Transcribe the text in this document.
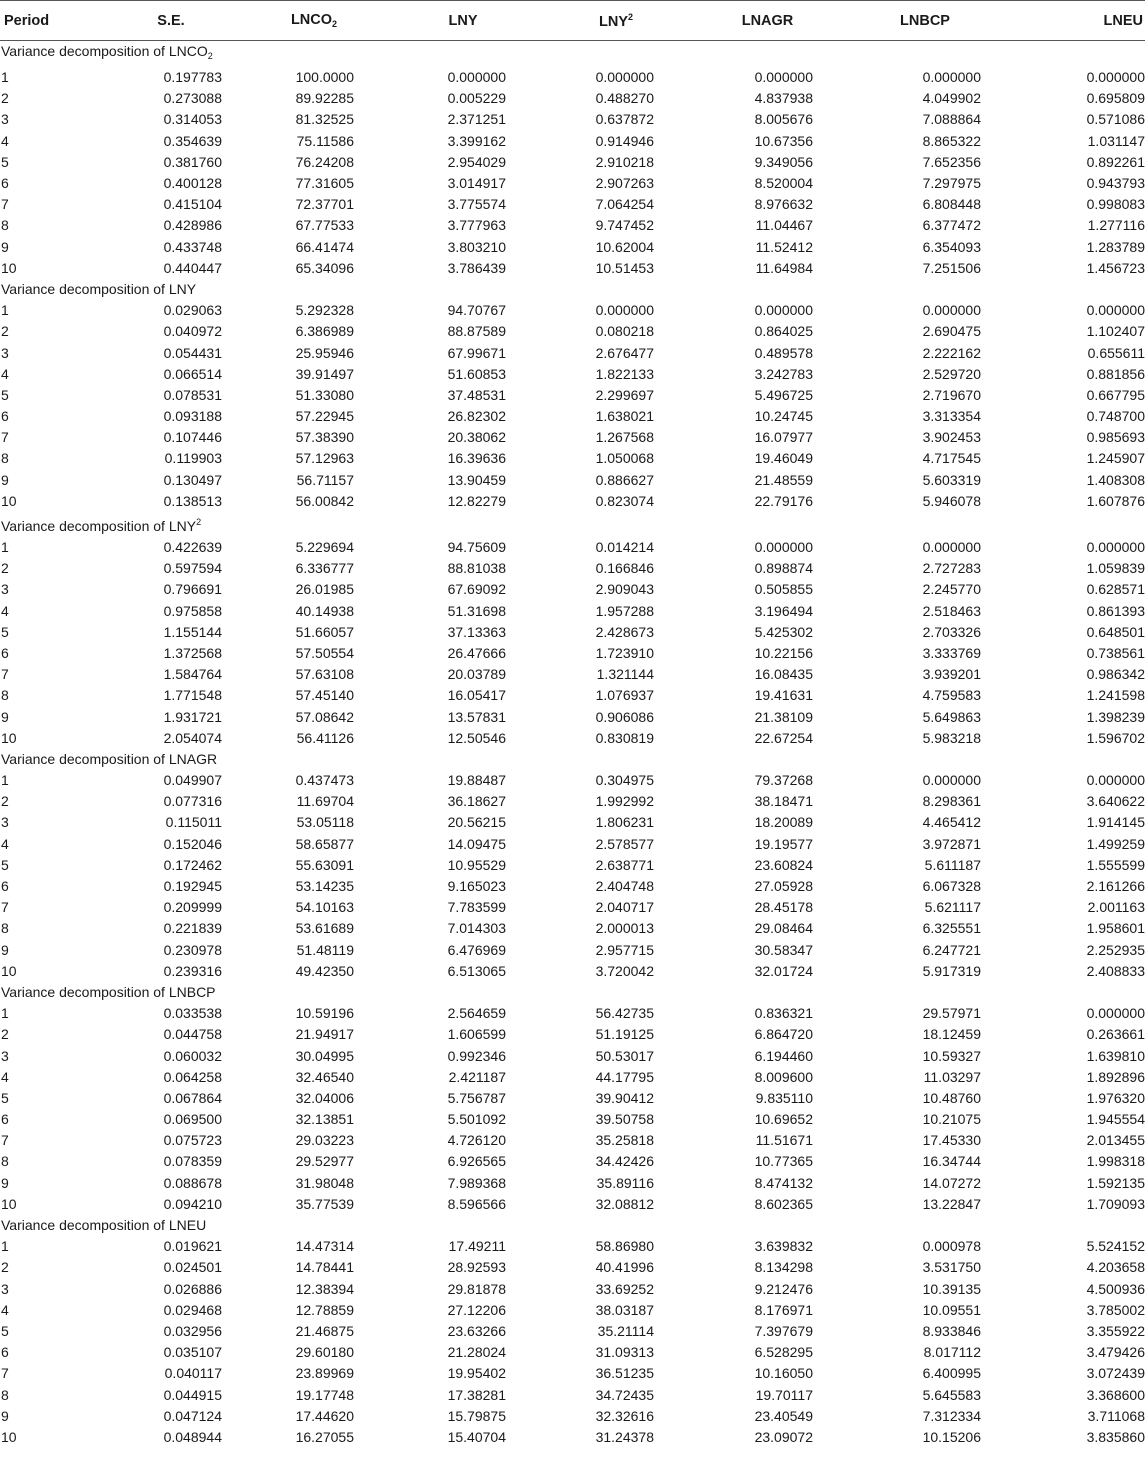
Period	S.E.	$LNCO_2$	LNY	LNY$^2$	LNAGR	LNBCP	LNEU
Variance decomposition of $LNCO_2$
1	0.197783	100.0000	0.000000	0.000000	0.000000	0.000000	0.000000
2	0.273088	89.92285	0.005229	0.488270	4.837938	4.049902	0.695809
3	0.314053	81.32525	2.371251	0.637872	8.005676	7.088864	0.571086
4	0.354639	75.11586	3.399162	0.914946	10.67356	8.865322	1.031147
5	0.381760	76.24208	2.954029	2.910218	9.349056	7.652356	0.892261
6	0.400128	77.31605	3.014917	2.907263	8.520004	7.297975	0.943793
7	0.415104	72.37701	3.775574	7.064254	8.976632	6.808448	0.998083
8	0.428986	67.77533	3.777963	9.747452	11.04467	6.377472	1.277116
9	0.433748	66.41474	3.803210	10.62004	11.52412	6.354093	1.283789
10	0.440447	65.34096	3.786439	10.51453	11.64984	7.251506	1.456723
Variance decomposition of LNY							
1	0.029063	5.292328	94.70767	0.000000	0.000000	0.000000	0.000000
2	0.040972	6.386989	88.87589	0.080218	0.864025	2.690475	1.102407
3	0.054431	25.95946	67.99671	2.676477	0.489578	2.222162	0.655611
4	0.066514	39.91497	51.60853	1.822133	3.242783	2.529720	0.881856
5	0.078531	51.33080	37.48531	2.299697	5.496725	2.719670	0.667795
6	0.093188	57.22945	26.82302	1.638021	10.24745	3.313354	0.748700
7	0.107446	57.38390	20.38062	1.267568	16.07977	3.902453	0.985693
8	0.119903	57.12963	16.39636	1.050068	19.46049	4.717545	1.245907
9	0.130497	56.71157	13.90459	0.886627	21.48559	5.603319	1.408308
10	0.138513	56.00842	12.82279	0.823074	22.79176	5.946078	1.607876
Variance decomposition of LNY$^2$
1	0.422639	5.229694	94.75609	0.014214	0.000000	0.000000	0.000000
2	0.597594	6.336777	88.81038	0.166846	0.898874	2.727283	1.059839
3	0.796691	26.01985	67.69092	2.909043	0.505855	2.245770	0.628571
4	0.975858	40.14938	51.31698	1.957288	3.196494	2.518463	0.861393
5	1.155144	51.66057	37.13363	2.428673	5.425302	2.703326	0.648501
6	1.372568	57.50554	26.47666	1.723910	10.22156	3.333769	0.738561
7	1.584764	57.63108	20.03789	1.321144	16.08435	3.939201	0.986342
8	1.771548	57.45140	16.05417	1.076937	19.41631	4.759583	1.241598
9	1.931721	57.08642	13.57831	0.906086	21.38109	5.649863	1.398239
10	2.054074	56.41126	12.50546	0.830819	22.67254	5.983218	1.596702
Variance decomposition of LNAGR							
1	0.049907	0.437473	19.88487	0.304975	79.37268	0.000000	0.000000
2	0.077316	11.69704	36.18627	1.992992	38.18471	8.298361	3.640622
3	0.115011	53.05118	20.56215	1.806231	18.20089	4.465412	1.914145
4	0.152046	58.65877	14.09475	2.578577	19.19577	3.972871	1.499259
5	0.172462	55.63091	10.95529	2.638771	23.60824	5.611187	1.555599
6	0.192945	53.14235	9.165023	2.404748	27.05928	6.067328	2.161266
7	0.209999	54.10163	7.783599	2.040717	28.45178	5.621117	2.001163
8	0.221839	53.61689	7.014303	2.000013	29.08464	6.325551	1.958601
9	0.230978	51.48119	6.476969	2.957715	30.58347	6.247721	2.252935
10	0.239316	49.42350	6.513065	3.720042	32.01724	5.917319	2.408833
Variance decomposition of LNBCP							
1	0.033538	10.59196	2.564659	56.42735	0.836321	29.57971	0.000000
2	0.044758	21.94917	1.606599	51.19125	6.864720	18.12459	0.263661
3	0.060032	30.04995	0.992346	50.53017	6.194460	10.59327	1.639810
4	0.064258	32.46540	2.421187	44.17795	8.009600	11.03297	1.892896
5	0.067864	32.04006	5.756787	39.90412	9.835110	10.48760	1.976320
6	0.069500	32.13851	5.501092	39.50758	10.69652	10.21075	1.945554
7	0.075723	29.03223	4.726120	35.25818	11.51671	17.45330	2.013455
8	0.078359	29.52977	6.926565	34.42426	10.77365	16.34744	1.998318
9	0.088678	31.98048	7.989368	35.89116	8.474132	14.07272	1.592135
10	0.094210	35.77539	8.596566	32.08812	8.602365	13.22847	1.709093
Variance decomposition of LNEU							
1	0.019621	14.47314	17.49211	58.86980	3.639832	0.000978	5.524152
2	0.024501	14.78441	28.92593	40.41996	8.134298	3.531750	4.203658
3	0.026886	12.38394	29.81878	33.69252	9.212476	10.39135	4.500936
4	0.029468	12.78859	27.12206	38.03187	8.176971	10.09551	3.785002
5	0.032956	21.46875	23.63266	35.21114	7.397679	8.933846	3.355922
6	0.035107	29.60180	21.28024	31.09313	6.528295	8.017112	3.479426
7	0.040117	23.89969	19.95402	36.51235	10.16050	6.400995	3.072439
8	0.044915	19.17748	17.38281	34.72435	19.70117	5.645583	3.368600
9	0.047124	17.44620	15.79875	32.32616	23.40549	7.312334	3.711068
10	0.048944	16.27055	15.40704	31.24378	23.09072	10.15206	3.835860
